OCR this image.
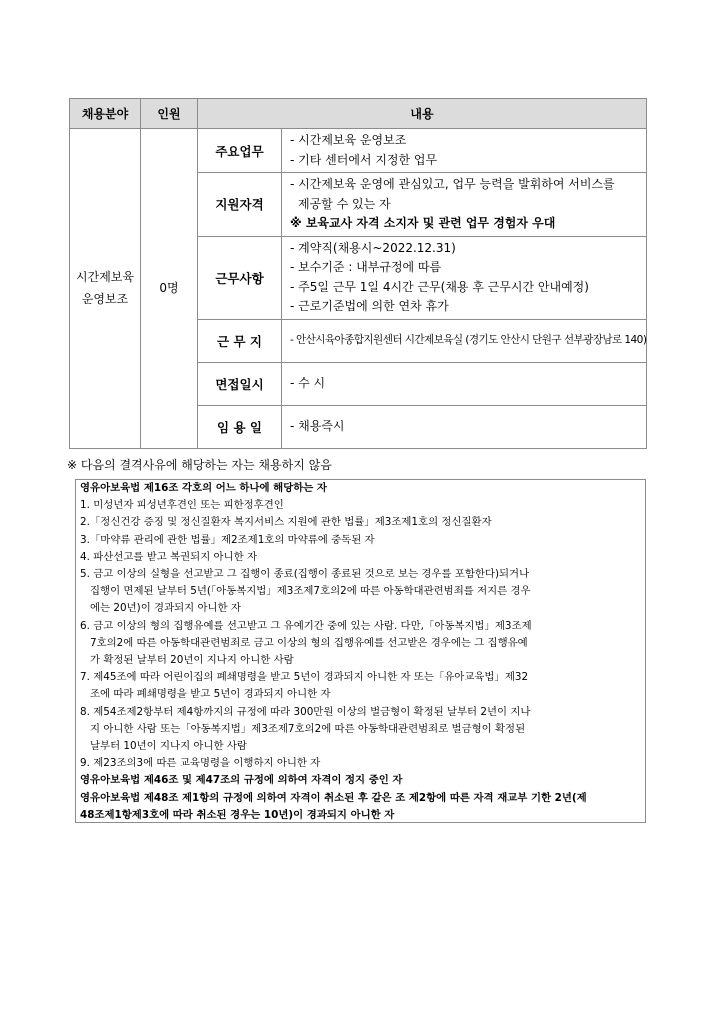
채용분야	인원	내용	

시간제보육
운영보조	0명	주요업무	- 시간제보육 운영보조
- 기타 센터에서 지정한 업무

		지원자격	- 시간제보육 운영에 관심있고, 업무 능력을 발휘하여 서비스를
제공할 수 있는 자
※ 보육교사 자격 소지자 및 관련 업무 경험자 우대

		근무사항	- 계약직(채용시~2022.12.31)
- 보수기준 : 내부규정에 따름
- 주5일 근무 1일 4시간 근무(채용 후 근무시간 안내예정)
- 근로기준법에 의한 연차 휴가

		근 무 지	- 안산시육아종합지원센터 시간제보육실 (경기도 안산시 단원구 선부광장남로 140)

		면접일시	- 수 시

		임 용 일	- 채용즉시
※ 다음의 결격사유에 해당하는 자는 채용하지 않음
영유아보육법 제16조 각호의 어느 하나에 해당하는 자
1. 미성년자 피성년후견인 또는 피한정후견인
2.「정신건강 증징 및 정신질환자 복지서비스 지원에 관한 법률」제3조제1호의 정신질환자
3.「마약류 관리에 관한 법률」제2조제1호의 마약류에 중독된 자
4. 파산선고를 받고 복권되지 아니한 자
5. 금고 이상의 실형을 선고받고 그 집행이 종료(집행이 종료된 것으로 보는 경우를 포함한다)되거나
집행이 면제된 날부터 5년(「아동복지법」제3조제7호의2에 따른 아동학대관련범죄를 저지른 경우
에는 20년)이 경과되지 아니한 자
6. 금고 이상의 형의 집행유예를 선고받고 그 유예기간 중에 있는 사람. 다만,「아동복지법」제3조제
7호의2에 따른 아동학대관련범죄로 금고 이상의 형의 집행유예를 선고받은 경우에는 그 집행유예
가 확정된 날부터 20년이 지나지 아니한 사람
7. 제45조에 따라 어린이집의 폐쇄명령을 받고 5년이 경과되지 아니한 자 또는「유아교육법」제32
조에 따라 폐쇄명령을 받고 5년이 경과되지 아니한 자
8. 제54조제2항부터 제4항까지의 규정에 따라 300만원 이상의 벌금형이 확정된 날부터 2년이 지나
지 아니한 사람 또는「아동복지법」제3조제7호의2에 따른 아동학대관련범죄로 벌금형이 확정된
날부터 10년이 지나지 아니한 사람
9. 제23조의3에 따른 교육명령을 이행하지 아니한 자
영유아보육법 제46조 및 제47조의 규정에 의하여 자격이 정지 중인 자
영유아보육법 제48조 제1항의 규정에 의하여 자격이 취소된 후 같은 조 제2항에 따른 자격 재교부 기한 2년(제
48조제1항제3호에 따라 취소된 경우는 10년)이 경과되지 아니한 자
